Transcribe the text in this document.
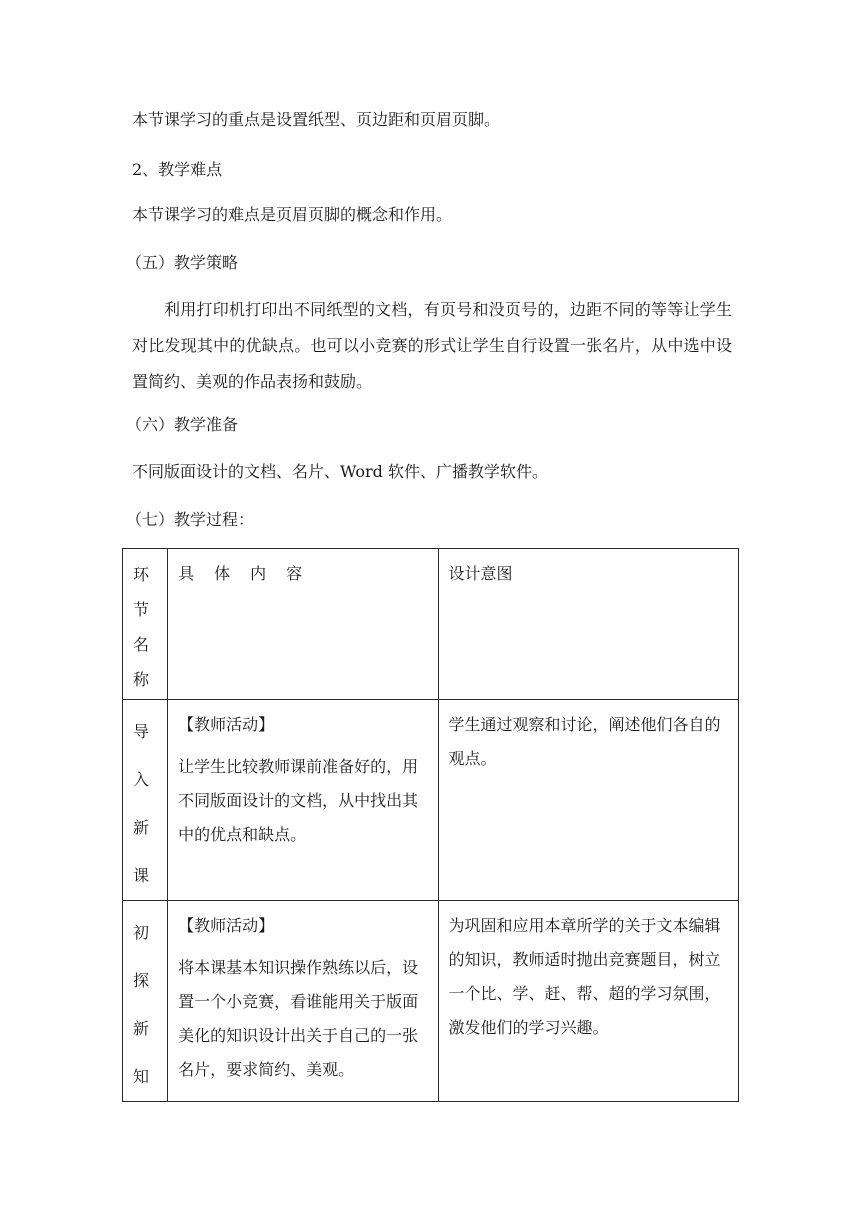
本节课学习的重点是设置纸型、页边距和页眉页脚。
2、教学难点
本节课学习的难点是页眉页脚的概念和作用。
（五）教学策略
利用打印机打印出不同纸型的文档，有页号和没页号的，边距不同的等等让学生对比发现其中的优缺点。也可以小竞赛的形式让学生自行设置一张名片，从中选中设置简约、美观的作品表扬和鼓励。
（六）教学准备
不同版面设计的文档、名片、Word 软件、广播教学软件。
（七）教学过程：
环节名称	具 体 内 容	设计意图

导入新课	【教师活动】
让学生比较教师课前准备好的，用不同版面设计的文档，从中找出其中的优点和缺点。	学生通过观察和讨论，阐述他们各自的观点。

初探新知	【教师活动】
将本课基本知识操作熟练以后，设置一个小竞赛，看谁能用关于版面美化的知识设计出关于自己的一张名片，要求简约、美观。	为巩固和应用本章所学的关于文本编辑的知识，教师适时抛出竞赛题目，树立一个比、学、赶、帮、超的学习氛围，激发他们的学习兴趣。
